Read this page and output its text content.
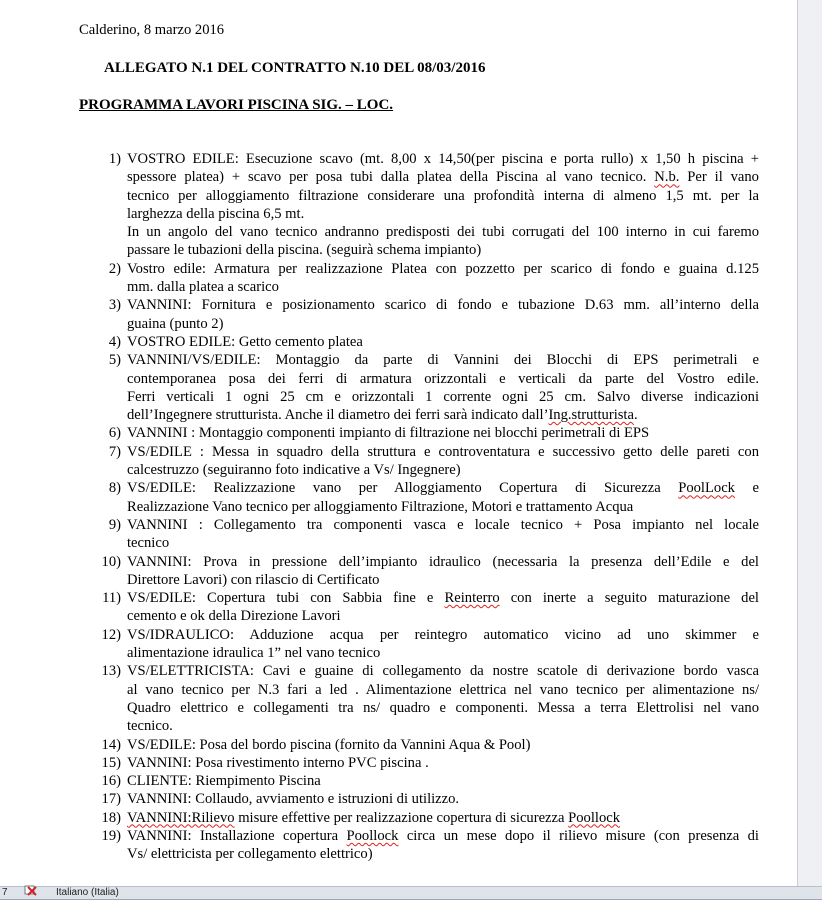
Calderino, 8 marzo 2016
ALLEGATO N.1 DEL CONTRATTO N.10 DEL 08/03/2016
PROGRAMMA LAVORI PISCINA SIG. – LOC.
1) VOSTRO EDILE: Esecuzione scavo (mt. 8,00 x 14,50(per piscina e porta rullo) x 1,50 h piscina +
spessore platea) + scavo per posa tubi dalla platea della Piscina al vano tecnico. N.b. Per il vano
tecnico per alloggiamento filtrazione considerare una profondità interna di almeno 1,5 mt. per la
larghezza della piscina 6,5 mt.
In un angolo del vano tecnico andranno predisposti dei tubi corrugati del 100 interno in cui faremo
passare le tubazioni della piscina. (seguirà schema impianto)
2) Vostro edile: Armatura per realizzazione Platea con pozzetto per scarico di fondo e guaina d.125
mm. dalla platea a scarico
3) VANNINI: Fornitura e posizionamento scarico di fondo e tubazione D.63 mm. all’interno della
guaina (punto 2)
4) VOSTRO EDILE: Getto cemento platea
5) VANNINI/VS/EDILE: Montaggio da parte di Vannini dei Blocchi di EPS perimetrali e
contemporanea posa dei ferri di armatura orizzontali e verticali da parte del Vostro edile.
Ferri verticali 1 ogni 25 cm e orizzontali 1 corrente ogni 25 cm. Salvo diverse indicazioni
dell’Ingegnere strutturista. Anche il diametro dei ferri sarà indicato dall’Ing.strutturista.
6) VANNINI : Montaggio componenti impianto di filtrazione nei blocchi perimetrali di EPS
7) VS/EDILE : Messa in squadro della struttura e controventatura e successivo getto delle pareti con
calcestruzzo (seguiranno foto indicative a Vs/ Ingegnere)
8) VS/EDILE: Realizzazione vano per Alloggiamento Copertura di Sicurezza PoolLock e
Realizzazione Vano tecnico per alloggiamento Filtrazione, Motori e trattamento Acqua
9) VANNINI : Collegamento tra componenti vasca e locale tecnico + Posa impianto nel locale
tecnico
10) VANNINI: Prova in pressione dell’impianto idraulico (necessaria la presenza dell’Edile e del
Direttore Lavori) con rilascio di Certificato
11) VS/EDILE: Copertura tubi con Sabbia fine e Reinterro con inerte a seguito maturazione del
cemento e ok della Direzione Lavori
12) VS/IDRAULICO: Adduzione acqua per reintegro automatico vicino ad uno skimmer e
alimentazione idraulica 1” nel vano tecnico
13) VS/ELETTRICISTA: Cavi e guaine di collegamento da nostre scatole di derivazione bordo vasca
al vano tecnico per N.3 fari a led . Alimentazione elettrica nel vano tecnico per alimentazione ns/
Quadro elettrico e collegamenti tra ns/ quadro e componenti. Messa a terra Elettrolisi nel vano
tecnico.
14) VS/EDILE: Posa del bordo piscina (fornito da Vannini Aqua & Pool)
15) VANNINI: Posa rivestimento interno PVC piscina .
16) CLIENTE: Riempimento Piscina
17) VANNINI: Collaudo, avviamento e istruzioni di utilizzo.
18) VANNINI:Rilievo misure effettive per realizzazione copertura di sicurezza Poollock
19) VANNINI: Installazione copertura Poollock circa un mese dopo il rilievo misure (con presenza di
Vs/ elettricista per collegamento elettrico)
7	Italiano (Italia)
